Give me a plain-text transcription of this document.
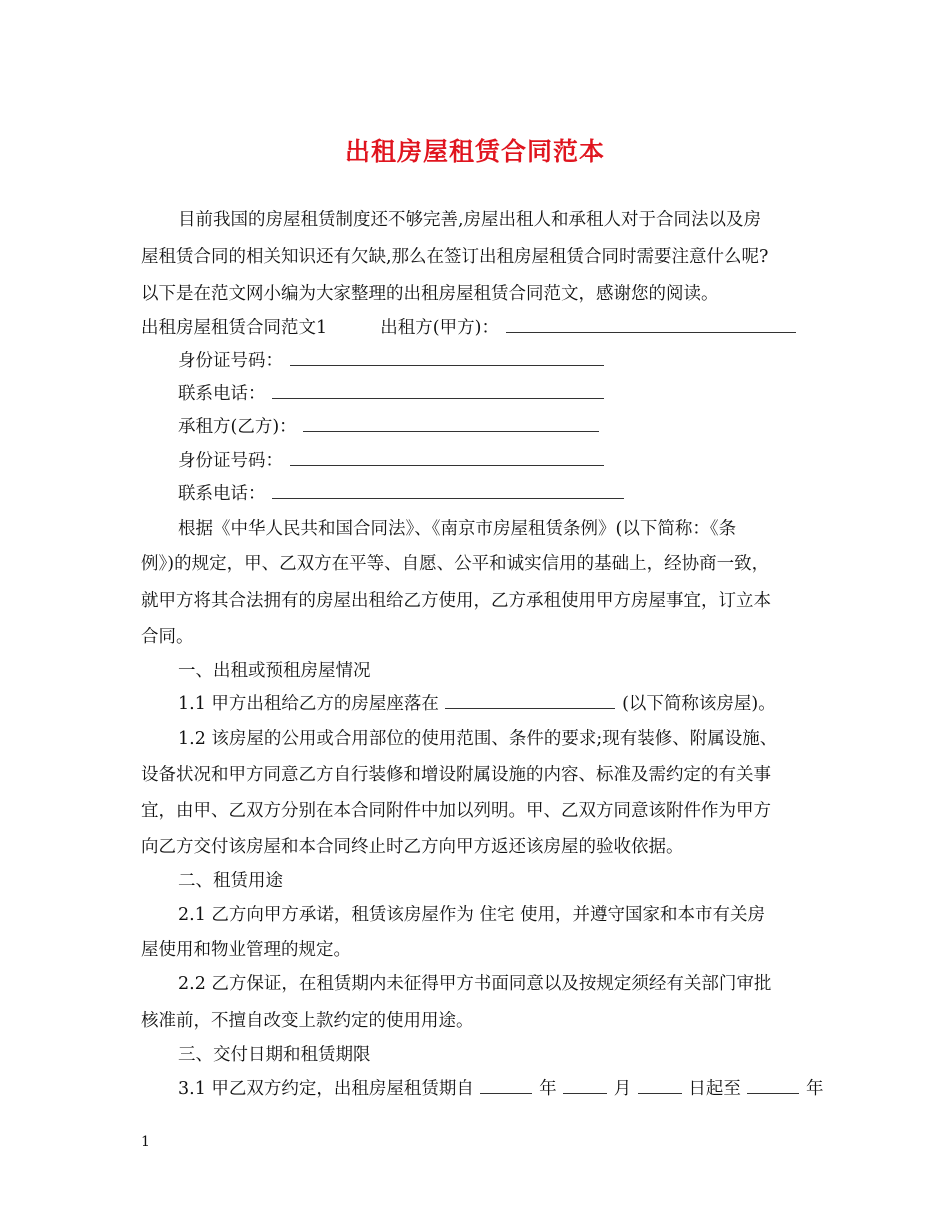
出租房屋租赁合同范本
目前我国的房屋租赁制度还不够完善,房屋出租人和承租人对于合同法以及房
屋租赁合同的相关知识还有欠缺,那么在签订出租房屋租赁合同时需要注意什么呢?
以下是在范文网小编为大家整理的出租房屋租赁合同范文，感谢您的阅读。
出租房屋租赁合同范文1	出租方(甲方)：
身份证号码：
联系电话：
承租方(乙方)：
身份证号码：
联系电话：
根据《中华人民共和国合同法》、《南京市房屋租赁条例》(以下简称：《条
例》)的规定，甲、乙双方在平等、自愿、公平和诚实信用的基础上，经协商一致，
就甲方将其合法拥有的房屋出租给乙方使用，乙方承租使用甲方房屋事宜，订立本
合同。
一、出租或预租房屋情况
1.1 甲方出租给乙方的房屋座落在	(以下简称该房屋)。
1.2 该房屋的公用或合用部位的使用范围、条件的要求;现有装修、附属设施、
设备状况和甲方同意乙方自行装修和增设附属设施的内容、标准及需约定的有关事
宜，由甲、乙双方分别在本合同附件中加以列明。甲、乙双方同意该附件作为甲方
向乙方交付该房屋和本合同终止时乙方向甲方返还该房屋的验收依据。
二、租赁用途
2.1 乙方向甲方承诺，租赁该房屋作为 住宅 使用，并遵守国家和本市有关房
屋使用和物业管理的规定。
2.2 乙方保证，在租赁期内未征得甲方书面同意以及按规定须经有关部门审批
核准前，不擅自改变上款约定的使用用途。
三、交付日期和租赁期限
3.1 甲乙双方约定，出租房屋租赁期自	年	月	日起至	年
1
